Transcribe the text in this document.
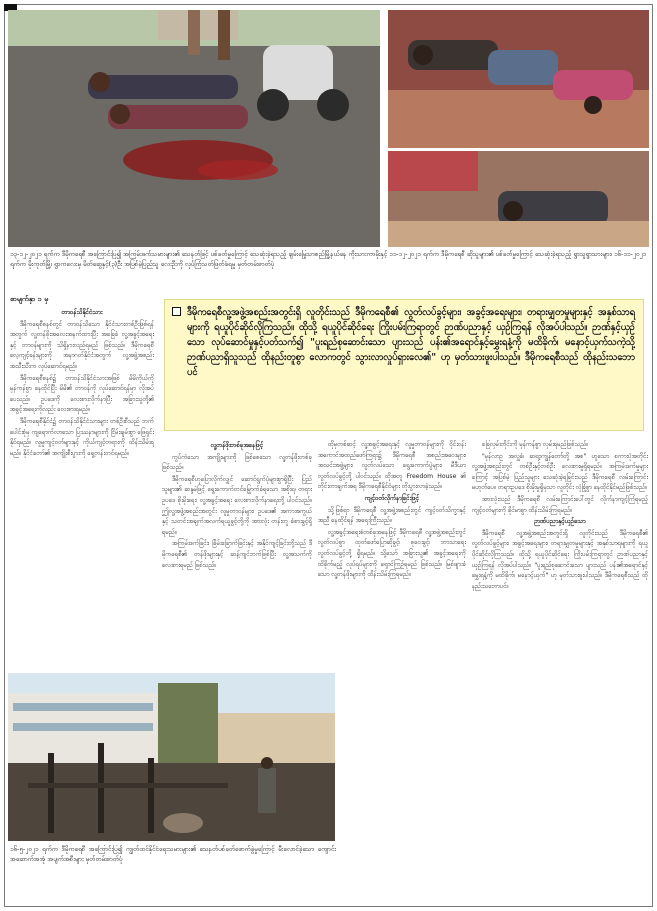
၁၃-၁၂-၂၀၂၁ ရက်က ဒီမိုကရေစီ အကြောင်းပြ၍ အကြမ်းဖက်သမားများ၏ သေနတ်ဖြင့် ပစ်ခတ်မှုကြောင့် သေဆုံးခဲ့ရသည့် ချမ်းမြေ့သာစည်မြို့နယ်နေ ကိုးသားကာမိုးနှင့် ၁၁-၁၂-၂၀၂၁ ရက်က ဒီမိုကရေစီ ဆိုသူများ၏ ပစ်ခတ်မှုကြောင့် သေဆုံးခဲ့ရသည့် ရွာသူရွာသားများ၊ ၁၆-၁၁-၂၀၂၁ ရက်က မိုးကုတ်မြို့၊ ရွာကလေးမှ မိတ်ဆွေနှင့်(၃)ဦး အပြစ်မဲ့ပြည်သူ လေးဦးကို လုပ်ကြံသတ်ဖြတ်ခံရမှု မှတ်တမ်းဓာတ်ပုံ
စာမျက်နှာ ၁ မှ
တာဝန်သိနိုင်ငံသား
ဒီမိုကရေစီစနစ်တွင် တာဝန်သိသော နိုင်ငံသားတစ်ဦးဖြစ်ရန်အတွက် လူ့တန်ဖိုးအလေးအနက်ထားပြီး အခြေခံ လူ့အခွင့်အရေးနှင့် တာဝန်များကို သိရှိနားလည်ရမည် ဖြစ်သည်။ ဒီမိုကရေစီလေ့ကျင့်ခန်းများကို အနာဂတ်နိုင်ငံအတွက် လူ့အဖွဲ့အစည်းအသီးသီးက လုပ်ဆောင်ရမည်။
ဒီမိုကရေစီစနစ်၌ တာဝန်သိနိုင်ငံသားအဖြစ် မိမိကိုယ်ကို မှန်ကန်စွာ နေထိုင်ပြီး မိမိ၏ တာဝန်ကို လုပ်ဆောင်ရန်မှာ လိုအပ်ပေသည်။ ဥပဒေကို လေးစားလိုက်နာပြီး အခြားသူတို့၏ အခွင့်အရေးကိုလည်း လေးစားရမည်။
ဒီမိုကရေစီနိုင်ငံ၌ တာဝန်သိနိုင်ငံသားများ တစ်ဦးစီသည် ဘက်ပေါင်းစုံမှ ကျရောက်လာသော ပြဿနာများကို ငြိမ်းချမ်းစွာ ဖြေရှင်းနိုင်ရမည်။ လူမှုကျင့်ဝတ်များနှင့် ကိုယ်ကျင့်တရားကို ထိန်းသိမ်းရမည်။ နိုင်ငံတော်၏ အကျိုးစီးပွားကို ရှေ့တန်းတင်ရမည်။
ဒီမိုကရေစီလူ့အဖွဲ့အစည်းအတွင်းရှိ လူတိုင်းသည် ဒီမိုကရေစီ၏ လွတ်လပ်ခွင့်များ၊ အခွင့်အရေးများ၊ တရားမျှတမှုများနှင့် အနှစ်သာရများကို ရယူပိုင်ဆိုင်လိုကြသည်။ ထိုသို့ ရယူပိုင်ဆိုင်ရေး ကြိုးပမ်းကြရာတွင် ဉာဏ်ပညာနှင့် ယှဉ်ကြရန် လိုအပ်ပါသည်။ ဉာဏ်နှင့်ယှဉ်သော လုပ်ဆောင်မှုနှင့်ပတ်သက်၍ "ပူးရည်စုဆောင်းသော ပျားသည် ပန်း၏အရောင်နှင့်မွှေးရနံ့ကို မထိခိုက်၊ မနောင့်ယှက်သကဲ့သို့ ဉာဏ်ပညာရှိသူသည် ထိုနည်းတူစွာ လောကတွင် သွားလာလှုပ်ရှားလေ၏" ဟု မှတ်သားဖူးပါသည်။ ဒီမိုကရေစီသည် ထိုနည်းသဘောပင်
လူ့တန်ဖိုးတစ်ခုအနေဖြင့်
ကွပ်ကဲသော အကျိုးများကို ဖြစ်စေသော လူ့တန်ဖိုးတစ်ခုဖြစ်သည်။
ဒီမိုကရေစီဟုပြောလိုက်လျှင် ဆောင်ရွက်ပုံများစွာရှိပြီး ပြည်သူများ၏ ဆန္ဒမဲဖြင့် ရွေးကောက်တင်မြှောက်ခံရသော အစိုးရ၊ တရားဥပဒေ စိုးမိုးရေး၊ လူ့အခွင့်အရေး လေးစားလိုက်နာရေးတို့ ပါဝင်သည်။ ဤလူ့အဖွဲ့အစည်းအတွင်း လူမှုတာဝန်များ၊ ဥပဒေ၏ အကာအကွယ်နှင့် သတင်းအချက်အလက်ရယူခွင့်တို့ကို အားလုံး တန်းတူ ခံစားခွင့်ရှိရမည်။
အကြမ်းဖက်ခြင်း၊ ခြိမ်းခြောက်ခြင်းနှင့် အနိုင်ကျင့်ခြင်းတို့သည် ဒီမိုကရေစီ၏ တန်ဖိုးများနှင့် ဆန့်ကျင်ဘက်ဖြစ်ပြီး လူ့အသက်ကို လေးစားရမည် ဖြစ်သည်။
ထိုမှတစ်ဆင့် လူ့အခွင့်အရေးနှင့် လူမှုတာဝန်များကို ဝိုင်းဝန်းအကောင်အထည်ဖော်ကြရာ၌ ဒီမိုကရေစီ အစည်းအဝေးများ၊ အသင်းအဖွဲ့များ၊ လွတ်လပ်သော ရွေးကောက်ပွဲများ၊ မီဒီယာ လွတ်လပ်ခွင့်တို့ ပါဝင်သည်။ ထိုအတူ Freedom House ၏ တိုင်းတာချက်အရ ဒီမိုကရေစီနိုင်ငံများ တိုးပွားလာခဲ့သည်။
ကျင့်ဝတ်လိုက်နာခြင်းဖြင့်
သို့ဖြစ်ရာ ဒီမိုကရေစီ လူ့အဖွဲ့အစည်းတွင် ကျင့်ဝတ်သိက္ခာနှင့် အညီ နေထိုင်ရန် အရေးကြီးသည်။
လူ့အခွင့်အရေးစံတစ်ခုအနေဖြင့် ဒီမိုကရေစီ လူ့အဖွဲ့အစည်းတွင် လွတ်လပ်စွာ ထုတ်ဖော်ပြောဆိုခွင့်၊ စုဝေးခွင့်၊ ဘာသာရေးလွတ်လပ်ခွင့်တို့ ရှိရမည်။ သို့သော် အခြားသူ၏ အခွင့်အရေးကို ထိခိုက်မည့် လုပ်ရပ်များကို ရှောင်ကြဉ်ရမည် ဖြစ်သည်။ မြစ်ဖျားခံသော လူ့တန်ဖိုးများကို ထိန်းသိမ်းကြရမည်။
ခြေလှမ်းတိုင်းကို မှန်ကန်စွာ လှမ်းရမည်ဖြစ်သည်။
"မုန်လာဥ အလှူခံ၊ ဆရာ့ကျွန်တော်တို့ အစ" ဟူသော စကားပုံအတိုင်း လူ့အဖွဲ့အစည်းတွင် တစ်ဦးနှင့်တစ်ဦး လေးစားမှုရှိရမည်။ အကြမ်းဖက်မှုများကြောင့် အပြစ်မဲ့ ပြည်သူများ သေဆုံးခဲ့ရခြင်းသည် ဒီမိုကရေစီ လမ်းကြောင်းမဟုတ်ပေ။ တရားဥပဒေ စိုးမိုးမှုရှိမှသာ လူတိုင်း လုံခြုံစွာ နေထိုင်နိုင်မည်ဖြစ်သည်။
အားလုံးသည် ဒီမိုကရေစီ လမ်းကြောင်းပေါ်တွင် လိုက်နာကျင့်ကြံရမည့် ကျင့်ဝတ်များကို ခိုင်မာစွာ ထိန်းသိမ်းကြရမည်။
ဉာဏ်ပညာနှင့်ယှဉ်သော
ဒီမိုကရေစီ လူ့အဖွဲ့အစည်းအတွင်းရှိ လူတိုင်းသည် ဒီမိုကရေစီ၏ လွတ်လပ်ခွင့်များ၊ အခွင့်အရေးများ၊ တရားမျှတမှုများနှင့် အနှစ်သာရများကို ရယူပိုင်ဆိုင်လိုကြသည်။ ထိုသို့ ရယူပိုင်ဆိုင်ရေး ကြိုးပမ်းကြရာတွင် ဉာဏ်ပညာနှင့် ယှဉ်ကြရန် လိုအပ်ပါသည်။ "ပူးရည်စုဆောင်းသော ပျားသည် ပန်း၏အရောင်နှင့်မွှေးရနံ့ကို မထိခိုက်၊ မနောင့်ယှက်" ဟု မှတ်သားဖူးပါသည်။ ဒီမိုကရေစီသည် ထိုနည်းသဘောပင်။
၁၆-၅-၂၀၂၁ ရက်က ဒီမိုကရေစီ အကြောင်းပြ၍ ကျွတ်ထင်နိုင်ငံရေးသမားများ၏ သေနတ်ပစ်ခတ်ဖောက်ခွဲမှုကြောင့် မီးလောင်ခဲ့သော ကျောင်းအဆောက်အအုံ အပျက်အစီးများ မှတ်တမ်းဓာတ်ပုံ
